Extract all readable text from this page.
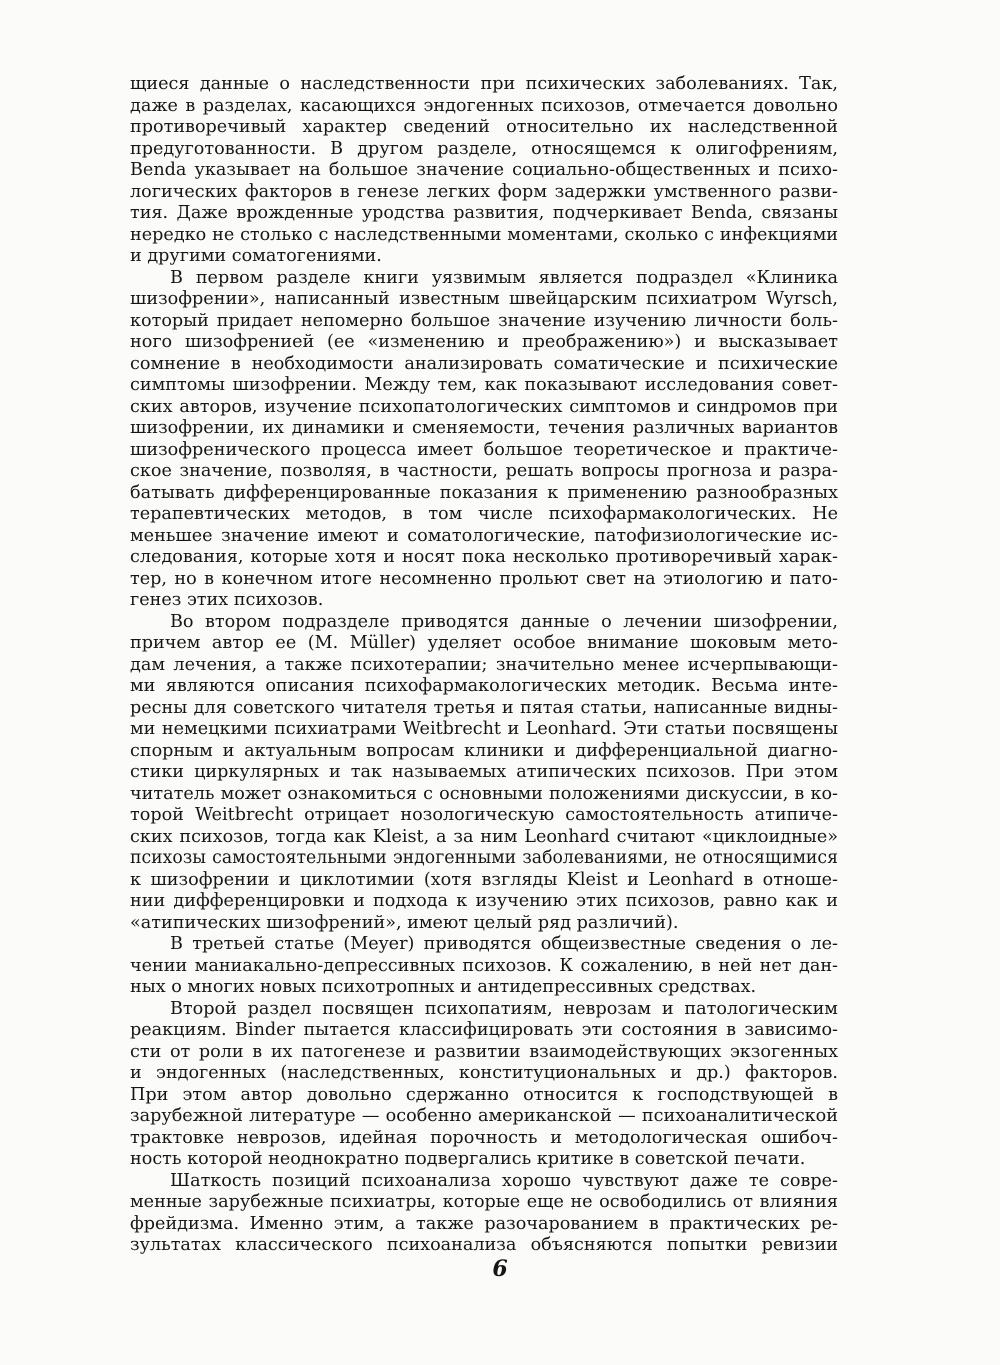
щиеся данные о наследственности при психических заболеваниях. Так,
даже в разделах, касающихся эндогенных психозов, отмечается довольно
противоречивый характер сведений относительно их наследственной
предуготованности. В другом разделе, относящемся к олигофрениям,
Benda указывает на большое значение социально-общественных и психо-
логических факторов в генезе легких форм задержки умственного разви-
тия. Даже врожденные уродства развития, подчеркивает Benda, связаны
нередко не столько с наследственными моментами, сколько с инфекциями
и другими соматогениями.
В первом разделе книги уязвимым является подраздел «Клиника
шизофрении», написанный известным швейцарским психиатром Wyrsch,
который придает непомерно большое значение изучению личности боль-
ного шизофренией (ее «изменению и преображению») и высказывает
сомнение в необходимости анализировать соматические и психические
симптомы шизофрении. Между тем, как показывают исследования совет-
ских авторов, изучение психопатологических симптомов и синдромов при
шизофрении, их динамики и сменяемости, течения различных вариантов
шизофренического процесса имеет большое теоретическое и практиче-
ское значение, позволяя, в частности, решать вопросы прогноза и разра-
батывать дифференцированные показания к применению разнообразных
терапевтических методов, в том числе психофармакологических. Не
меньшее значение имеют и соматологические, патофизиологические ис-
следования, которые хотя и носят пока несколько противоречивый харак-
тер, но в конечном итоге несомненно прольют свет на этиологию и пато-
генез этих психозов.
Во втором подразделе приводятся данные о лечении шизофрении,
причем автор ее (M. Müller) уделяет особое внимание шоковым мето-
дам лечения, а также психотерапии; значительно менее исчерпывающи-
ми являются описания психофармакологических методик. Весьма инте-
ресны для советского читателя третья и пятая статьи, написанные видны-
ми немецкими психиатрами Weitbrecht и Leonhard. Эти статьи посвящены
спорным и актуальным вопросам клиники и дифференциальной диагно-
стики циркулярных и так называемых атипических психозов. При этом
читатель может ознакомиться с основными положениями дискуссии, в ко-
торой Weitbrecht отрицает нозологическую самостоятельность атипиче-
ских психозов, тогда как Kleist, а за ним Leonhard считают «циклоидные»
психозы самостоятельными эндогенными заболеваниями, не относящимися
к шизофрении и циклотимии (хотя взгляды Kleist и Leonhard в отноше-
нии дифференцировки и подхода к изучению этих психозов, равно как и
«атипических шизофрений», имеют целый ряд различий).
В третьей статье (Meyer) приводятся общеизвестные сведения о ле-
чении маниакально-депрессивных психозов. К сожалению, в ней нет дан-
ных о многих новых психотропных и антидепрессивных средствах.
Второй раздел посвящен психопатиям, неврозам и патологическим
реакциям. Binder пытается классифицировать эти состояния в зависимо-
сти от роли в их патогенезе и развитии взаимодействующих экзогенных
и эндогенных (наследственных, конституциональных и др.) факторов.
При этом автор довольно сдержанно относится к господствующей в
зарубежной литературе — особенно американской — психоаналитической
трактовке неврозов, идейная порочность и методологическая ошибоч-
ность которой неоднократно подвергались критике в советской печати.
Шаткость позиций психоанализа хорошо чувствуют даже те совре-
менные зарубежные психиатры, которые еще не освободились от влияния
фрейдизма. Именно этим, а также разочарованием в практических ре-
зультатах классического психоанализа объясняются попытки ревизии
6
